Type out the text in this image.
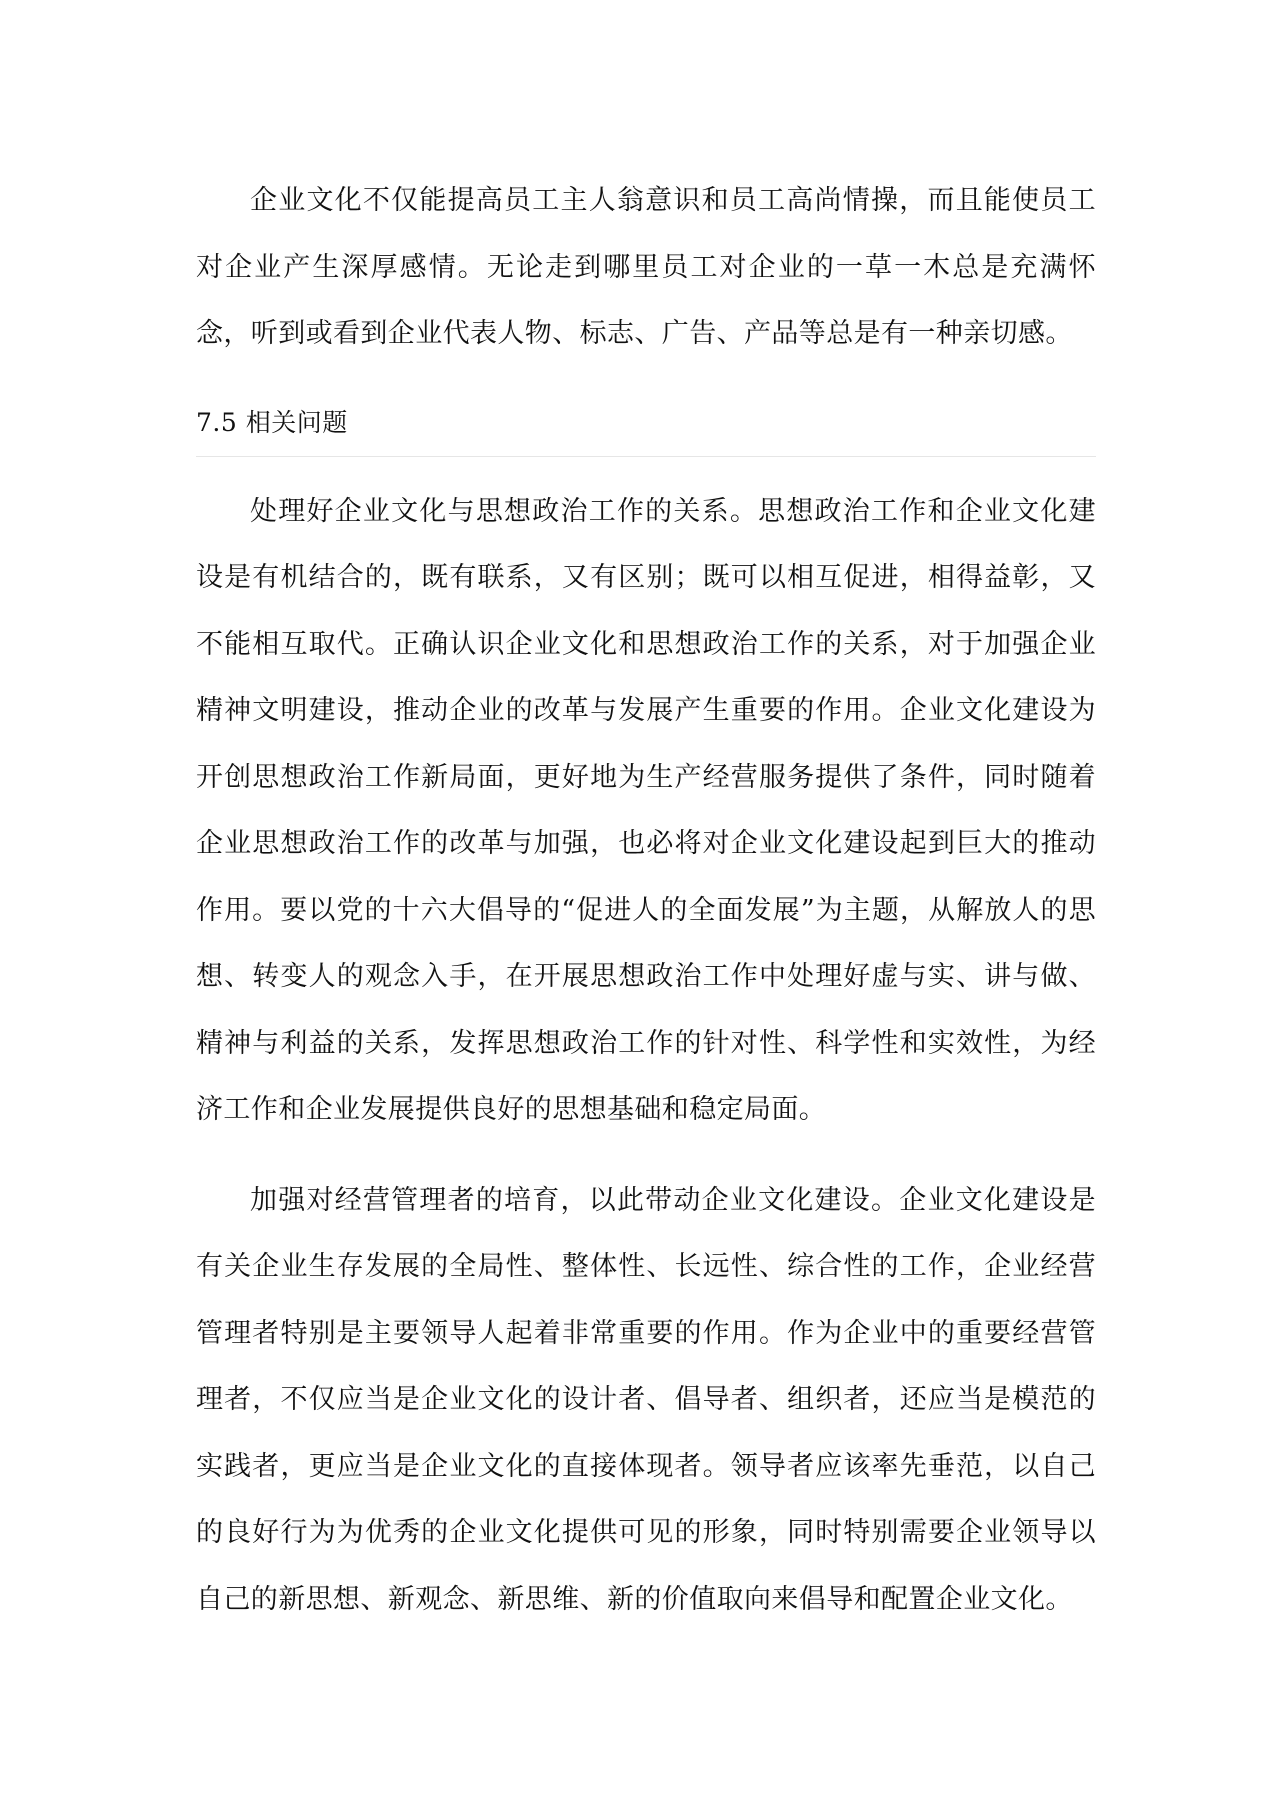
企业文化不仅能提高员工主人翁意识和员工高尚情操，而且能使员工对企业产生深厚感情。无论走到哪里员工对企业的一草一木总是充满怀念，听到或看到企业代表人物、标志、广告、产品等总是有一种亲切感。

7.5 相关问题

处理好企业文化与思想政治工作的关系。思想政治工作和企业文化建设是有机结合的，既有联系，又有区别；既可以相互促进，相得益彰，又不能相互取代。正确认识企业文化和思想政治工作的关系，对于加强企业精神文明建设，推动企业的改革与发展产生重要的作用。企业文化建设为开创思想政治工作新局面，更好地为生产经营服务提供了条件，同时随着企业思想政治工作的改革与加强，也必将对企业文化建设起到巨大的推动作用。要以党的十六大倡导的“促进人的全面发展”为主题，从解放人的思想、转变人的观念入手，在开展思想政治工作中处理好虚与实、讲与做、精神与利益的关系，发挥思想政治工作的针对性、科学性和实效性，为经济工作和企业发展提供良好的思想基础和稳定局面。

加强对经营管理者的培育，以此带动企业文化建设。企业文化建设是有关企业生存发展的全局性、整体性、长远性、综合性的工作，企业经营管理者特别是主要领导人起着非常重要的作用。作为企业中的重要经营管理者，不仅应当是企业文化的设计者、倡导者、组织者，还应当是模范的实践者，更应当是企业文化的直接体现者。领导者应该率先垂范，以自己的良好行为为优秀的企业文化提供可见的形象，同时特别需要企业领导以自己的新思想、新观念、新思维、新的价值取向来倡导和配置企业文化。
